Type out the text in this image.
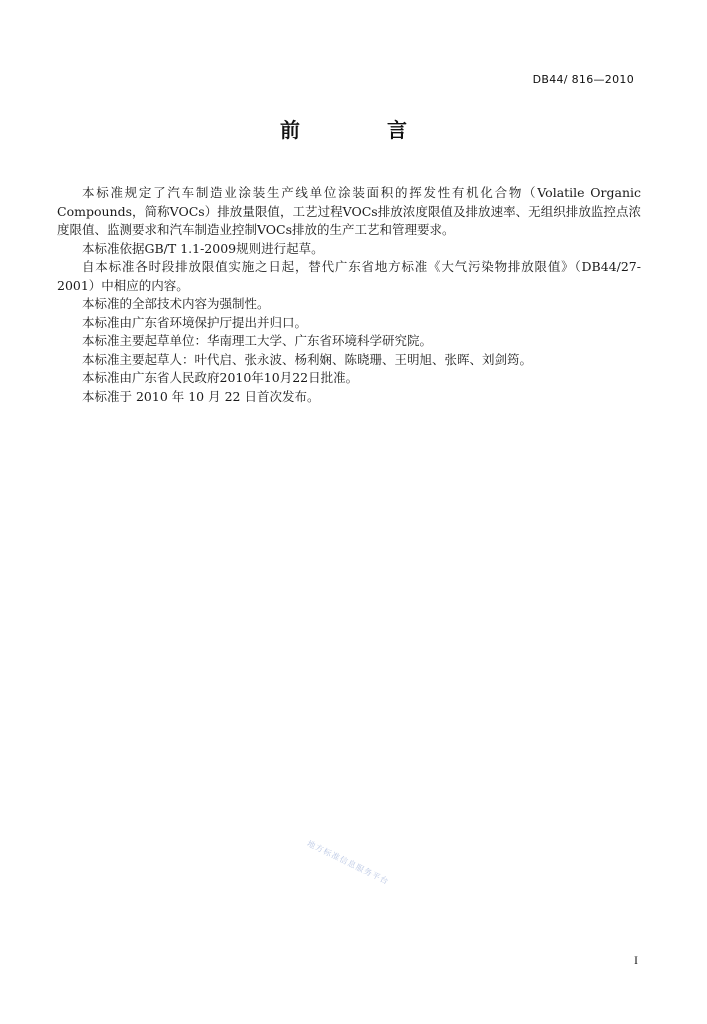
DB44/ 816—2010
前 言

本标准规定了汽车制造业涂装生产线单位涂装面积的挥发性有机化合物（Volatile Organic Compounds，简称VOCs）排放量限值，工艺过程VOCs排放浓度限值及排放速率、无组织排放监控点浓度限值、监测要求和汽车制造业控制VOCs排放的生产工艺和管理要求。

本标准依据GB/T 1.1-2009规则进行起草。

自本标准各时段排放限值实施之日起，替代广东省地方标准《大气污染物排放限值》（DB44/27-2001）中相应的内容。

本标准的全部技术内容为强制性。

本标准由广东省环境保护厅提出并归口。

本标准主要起草单位：华南理工大学、广东省环境科学研究院。

本标准主要起草人：叶代启、张永波、杨利娴、陈晓珊、王明旭、张晖、刘剑筠。

本标准由广东省人民政府2010年10月22日批准。

本标准于 2010 年 10 月 22 日首次发布。

地方标准信息服务平台
I
